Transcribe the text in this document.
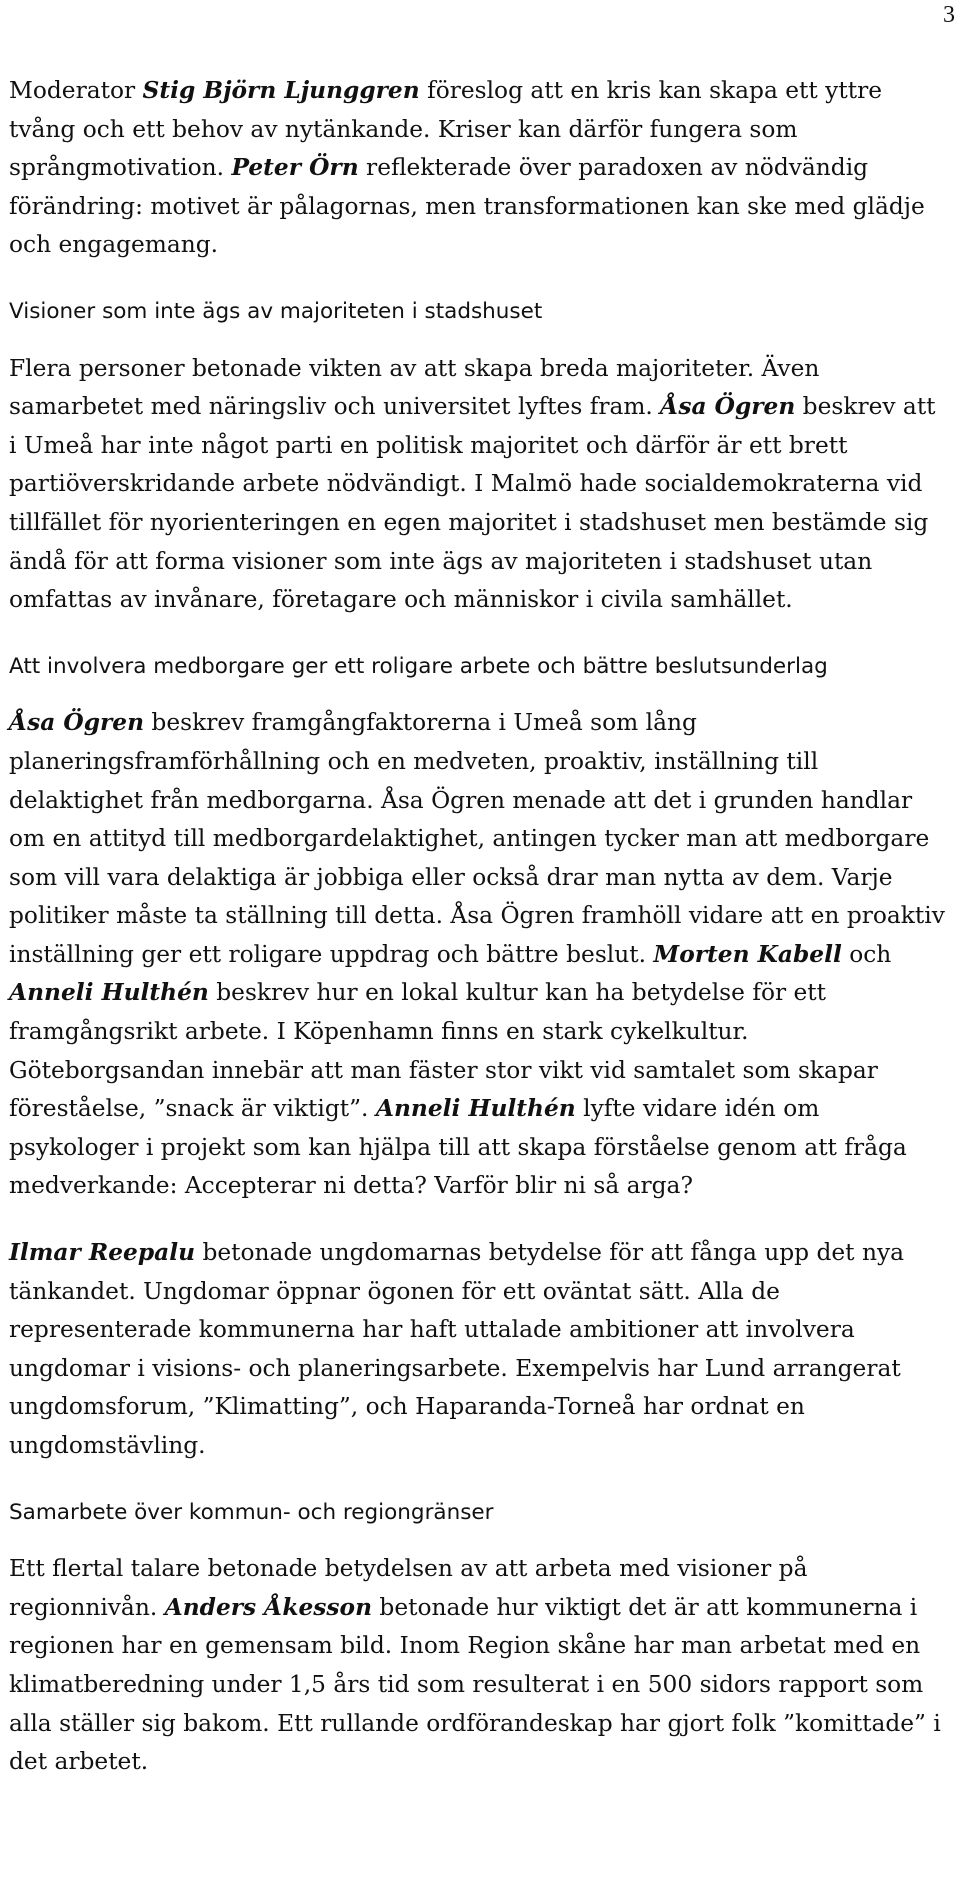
3

Moderator Stig Björn Ljunggren föreslog att en kris kan skapa ett yttre tvång och ett behov av nytänkande. Kriser kan därför fungera som språngmotivation. Peter Örn reflekterade över paradoxen av nödvändig förändring: motivet är pålagornas, men transformationen kan ske med glädje och engagemang.

Visioner som inte ägs av majoriteten i stadshuset

Flera personer betonade vikten av att skapa breda majoriteter. Även samarbetet med näringsliv och universitet lyftes fram. Åsa Ögren beskrev att i Umeå har inte något parti en politisk majoritet och därför är ett brett partiöverskridande arbete nödvändigt. I Malmö hade socialdemokraterna vid tillfället för nyorienteringen en egen majoritet i stadshuset men bestämde sig ändå för att forma visioner som inte ägs av majoriteten i stadshuset utan omfattas av invånare, företagare och människor i civila samhället.

Att involvera medborgare ger ett roligare arbete och bättre beslutsunderlag

Åsa Ögren beskrev framgångfaktorerna i Umeå som lång planeringsframförhållning och en medveten, proaktiv, inställning till delaktighet från medborgarna. Åsa Ögren menade att det i grunden handlar om en attityd till medborgardelaktighet, antingen tycker man att medborgare som vill vara delaktiga är jobbiga eller också drar man nytta av dem. Varje politiker måste ta ställning till detta. Åsa Ögren framhöll vidare att en proaktiv inställning ger ett roligare uppdrag och bättre beslut. Morten Kabell och Anneli Hulthén beskrev hur en lokal kultur kan ha betydelse för ett framgångsrikt arbete. I Köpenhamn finns en stark cykelkultur. Göteborgsandan innebär att man fäster stor vikt vid samtalet som skapar föreståelse, ”snack är viktigt”. Anneli Hulthén lyfte vidare idén om psykologer i projekt som kan hjälpa till att skapa förståelse genom att fråga medverkande: Accepterar ni detta? Varför blir ni så arga?

Ilmar Reepalu betonade ungdomarnas betydelse för att fånga upp det nya tänkandet. Ungdomar öppnar ögonen för ett oväntat sätt. Alla de representerade kommunerna har haft uttalade ambitioner att involvera ungdomar i visions- och planeringsarbete. Exempelvis har Lund arrangerat ungdomsforum, ”Klimatting”, och Haparanda-Torneå har ordnat en ungdomstävling.

Samarbete över kommun- och regiongränser

Ett flertal talare betonade betydelsen av att arbeta med visioner på regionnivån. Anders Åkesson betonade hur viktigt det är att kommunerna i regionen har en gemensam bild. Inom Region skåne har man arbetat med en klimatberedning under 1,5 års tid som resulterat i en 500 sidors rapport som alla ställer sig bakom. Ett rullande ordförandeskap har gjort folk ”komittade” i det arbetet.
